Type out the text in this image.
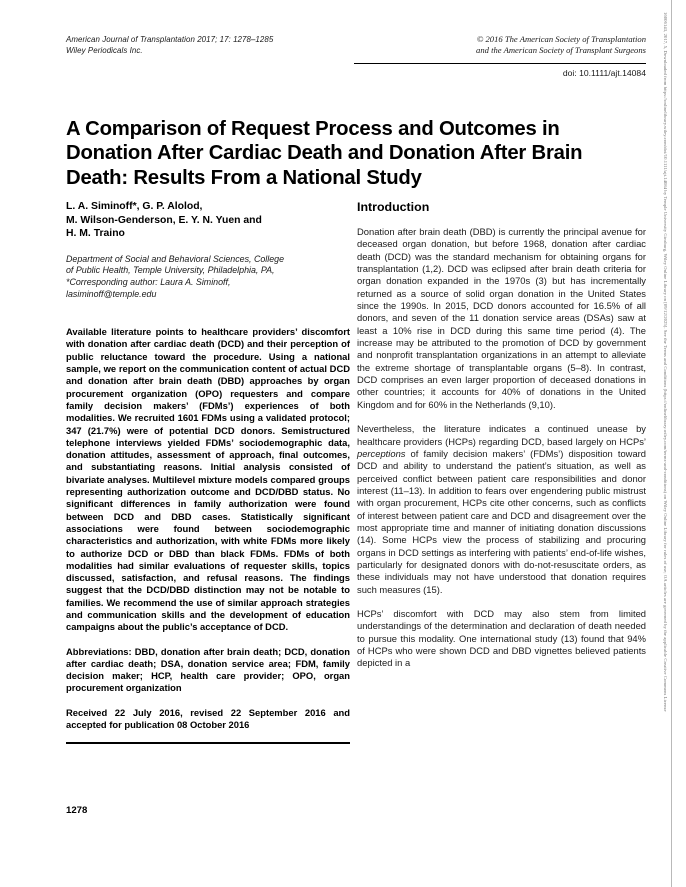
American Journal of Transplantation 2017; 17: 1278–1285
Wiley Periodicals Inc.
© 2016 The American Society of Transplantation
and the American Society of Transplant Surgeons
doi: 10.1111/ajt.14084
A Comparison of Request Process and Outcomes in Donation After Cardiac Death and Donation After Brain Death: Results From a National Study
L. A. Siminoff*, G. P. Alolod,
M. Wilson-Genderson, E. Y. N. Yuen and
H. M. Traino
Department of Social and Behavioral Sciences, College
of Public Health, Temple University, Philadelphia, PA,
*Corresponding author: Laura A. Siminoff,
lasiminoff@temple.edu

Available literature points to healthcare providers’ discomfort with donation after cardiac death (DCD) and their perception of public reluctance toward the procedure. Using a national sample, we report on the communication content of actual DCD and donation after brain death (DBD) approaches by organ procurement organization (OPO) requesters and compare family decision makers’ (FDMs’) experiences of both modalities. We recruited 1601 FDMs using a validated protocol; 347 (21.7%) were of potential DCD donors. Semistructured telephone interviews yielded FDMs’ sociodemographic data, donation attitudes, assessment of approach, final outcomes, and substantiating reasons. Initial analysis consisted of bivariate analyses. Multilevel mixture models compared groups representing authorization outcome and DCD/DBD status. No significant differences in family authorization were found between DCD and DBD cases. Statistically significant associations were found between sociodemographic characteristics and authorization, with white FDMs more likely to authorize DCD or DBD than black FDMs. FDMs of both modalities had similar evaluations of requester skills, topics discussed, satisfaction, and refusal reasons. The findings suggest that the DCD/DBD distinction may not be notable to families. We recommend the use of similar approach strategies and communication skills and the development of education campaigns about the public’s acceptance of DCD.

Abbreviations: DBD, donation after brain death; DCD, donation after cardiac death; DSA, donation service area; FDM, family decision maker; HCP, health care provider; OPO, organ procurement organization

Received 22 July 2016, revised 22 September 2016 and accepted for publication 08 October 2016

Introduction

Donation after brain death (DBD) is currently the principal avenue for deceased organ donation, but before 1968, donation after cardiac death (DCD) was the standard mechanism for obtaining organs for transplantation (1,2). DCD was eclipsed after brain death criteria for organ donation expanded in the 1970s (3) but has incrementally returned as a source of solid organ donation in the United States since the 1990s. In 2015, DCD donors accounted for 16.5% of all donors, and seven of the 11 donation service areas (DSAs) saw at least a 10% rise in DCD during this same time period (4). The increase may be attributed to the promotion of DCD by government and nonprofit transplantation organizations in an attempt to alleviate the extreme shortage of transplantable organs (5–8). In contrast, DCD comprises an even larger proportion of deceased donations in other countries; it accounts for 40% of donations in the United Kingdom and for 60% in the Netherlands (9,10).

Nevertheless, the literature indicates a continued unease by healthcare providers (HCPs) regarding DCD, based largely on HCPs’ perceptions of family decision makers’ (FDMs’) disposition toward DCD and ability to understand the patient’s situation, as well as perceived conflict between patient care responsibilities and donor interest (11–13). In addition to fears over engendering public mistrust with organ procurement, HCPs cite other concerns, such as conflicts of interest between patient care and DCD and disagreement over the most appropriate time and manner of initiating donation discussions (14). Some HCPs view the process of stabilizing and procuring organs in DCD settings as interfering with patients’ end-of-life wishes, particularly for designated donors with do-not-resuscitate orders, as these individuals may not have understood that donation requires such measures (15).

HCPs’ discomfort with DCD may also stem from limited understandings of the determination and declaration of death needed to pursue this modality. One international study (13) found that 94% of HCPs who were shown DCD and DBD vignettes believed patients depicted in a

1278
16006143, 2017, 5, Downloaded from https://onlinelibrary.wiley.com/doi/10.1111/ajt.14084 by Temple University Ginsburg, Wiley Online Library on [09/12/2025]. See the Terms and Conditions (https://onlinelibrary.wiley.com/terms-and-conditions) on Wiley Online Library for rules of use; OA articles are governed by the applicable Creative Commons License
